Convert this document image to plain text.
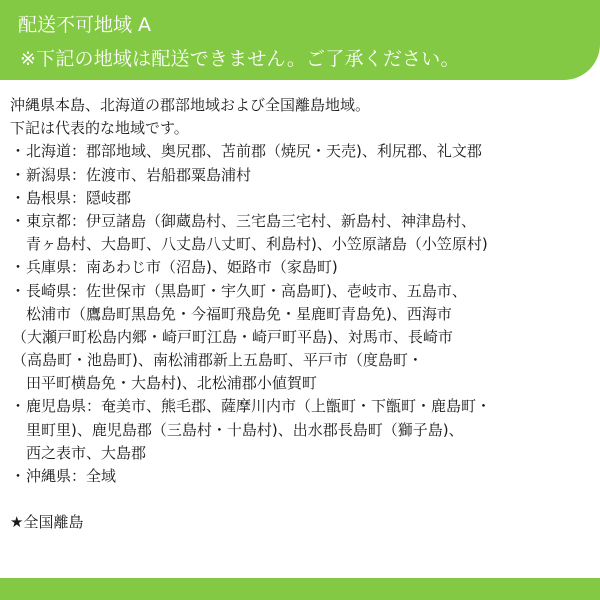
配送不可地域 A
※下記の地域は配送できません。ご了承ください。
沖縄県本島、北海道の郡部地域および全国離島地域。
下記は代表的な地域です。
・北海道：郡部地域、奥尻郡、苫前郡（焼尻・天売)、利尻郡、礼文郡
・新潟県：佐渡市、岩船郡粟島浦村
・島根県：隠岐郡
・東京都：伊豆諸島（御蔵島村、三宅島三宅村、新島村、神津島村、
青ヶ島村、大島町、八丈島八丈町、利島村)、小笠原諸島（小笠原村)
・兵庫県：南あわじ市（沼島)、姫路市（家島町)
・長崎県：佐世保市（黒島町・宇久町・高島町)、壱岐市、五島市、
松浦市（鷹島町黒島免・今福町飛島免・星鹿町青島免)、西海市
（大瀬戸町松島内郷・崎戸町江島・崎戸町平島)、対馬市、長崎市
（高島町・池島町)、南松浦郡新上五島町、平戸市（度島町・
田平町横島免・大島村)、北松浦郡小値賀町
・鹿児島県：奄美市、熊毛郡、薩摩川内市（上甑町・下甑町・鹿島町・
里町里)、鹿児島郡（三島村・十島村)、出水郡長島町（獅子島)、
西之表市、大島郡
・沖縄県：全域
★全国離島
